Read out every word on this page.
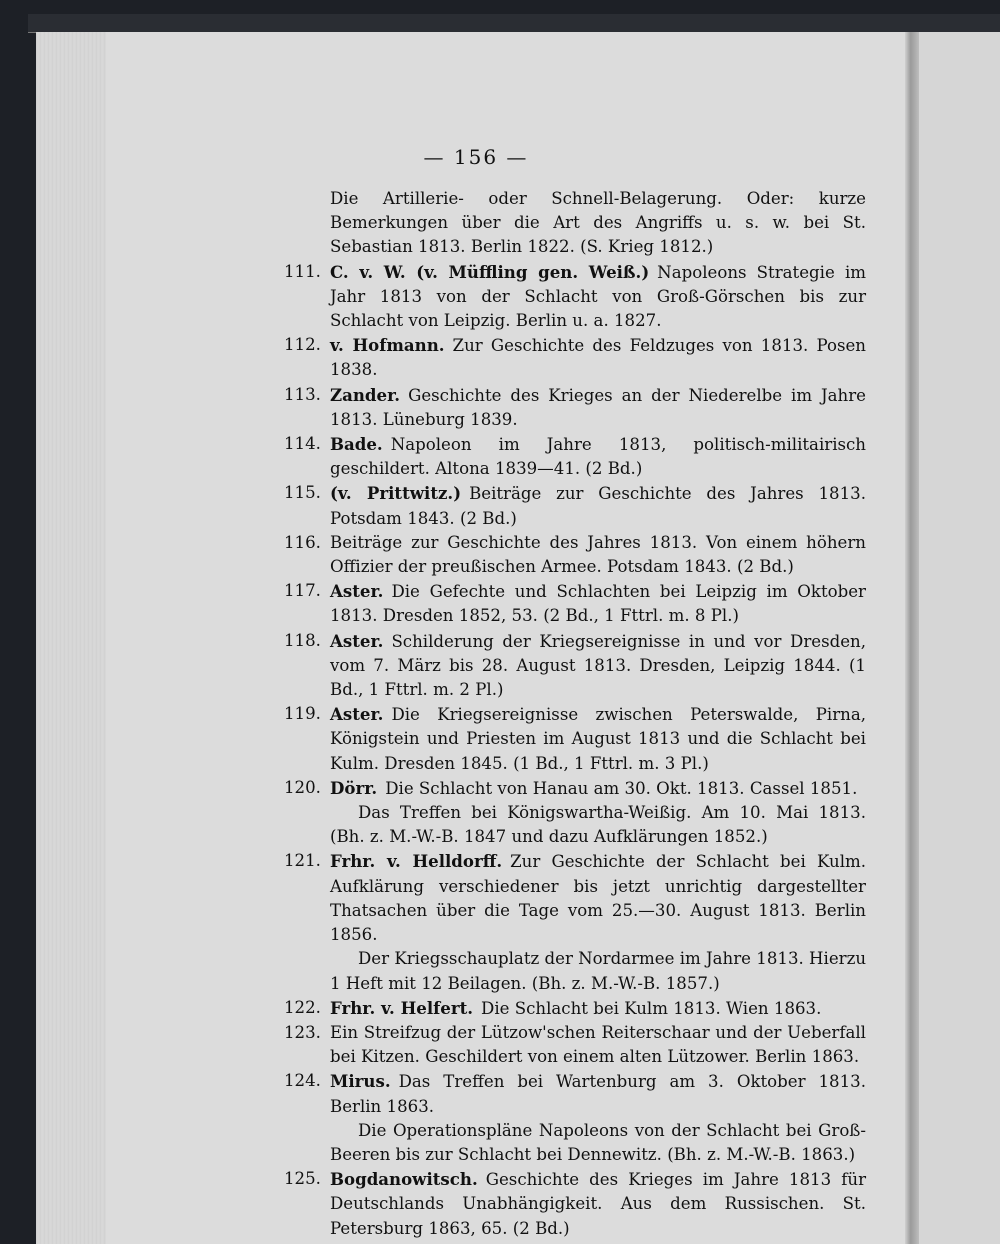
— 156 —

Die Artillerie- oder Schnell-Belagerung. Oder: kurze Bemerkungen über die Art des Angriffs u. s. w. bei St. Sebastian 1813. Berlin 1822. (S. Krieg 1812.)

111. C. v. W. (v. Müffling gen. Weiß.) Napoleons Strategie im Jahr 1813 von der Schlacht von Groß-Görschen bis zur Schlacht von Leipzig. Berlin u. a. 1827.

112. v. Hofmann. Zur Geschichte des Feldzuges von 1813. Posen 1838.

113. Zander. Geschichte des Krieges an der Niederelbe im Jahre 1813. Lüneburg 1839.

114. Bade. Napoleon im Jahre 1813, politisch-militairisch geschildert. Altona 1839—41. (2 Bd.)

115. (v. Prittwitz.) Beiträge zur Geschichte des Jahres 1813. Potsdam 1843. (2 Bd.)

116. Beiträge zur Geschichte des Jahres 1813. Von einem höhern Offizier der preußischen Armee. Potsdam 1843. (2 Bd.)

117. Aster. Die Gefechte und Schlachten bei Leipzig im Oktober 1813. Dresden 1852, 53. (2 Bd., 1 Fttrl. m. 8 Pl.)

118. Aster. Schilderung der Kriegsereignisse in und vor Dresden, vom 7. März bis 28. August 1813. Dresden, Leipzig 1844. (1 Bd., 1 Fttrl. m. 2 Pl.)

119. Aster. Die Kriegsereignisse zwischen Peterswalde, Pirna, Königstein und Priesten im August 1813 und die Schlacht bei Kulm. Dresden 1845. (1 Bd., 1 Fttrl. m. 3 Pl.)

120. Dörr. Die Schlacht von Hanau am 30. Okt. 1813. Cassel 1851.

Das Treffen bei Königswartha-Weißig. Am 10. Mai 1813. (Bh. z. M.-W.-B. 1847 und dazu Aufklärungen 1852.)

121. Frhr. v. Helldorff. Zur Geschichte der Schlacht bei Kulm. Aufklärung verschiedener bis jetzt unrichtig dargestellter Thatsachen über die Tage vom 25.—30. August 1813. Berlin 1856.

Der Kriegsschauplatz der Nordarmee im Jahre 1813. Hierzu 1 Heft mit 12 Beilagen. (Bh. z. M.-W.-B. 1857.)

122. Frhr. v. Helfert. Die Schlacht bei Kulm 1813. Wien 1863.

123. Ein Streifzug der Lützow'schen Reiterschaar und der Ueberfall bei Kitzen. Geschildert von einem alten Lützower. Berlin 1863.

124. Mirus. Das Treffen bei Wartenburg am 3. Oktober 1813. Berlin 1863.

Die Operationspläne Napoleons von der Schlacht bei Groß-Beeren bis zur Schlacht bei Dennewitz. (Bh. z. M.-W.-B. 1863.)

125. Bogdanowitsch. Geschichte des Krieges im Jahre 1813 für Deutschlands Unabhängigkeit. Aus dem Russischen. St. Petersburg 1863, 65. (2 Bd.)
